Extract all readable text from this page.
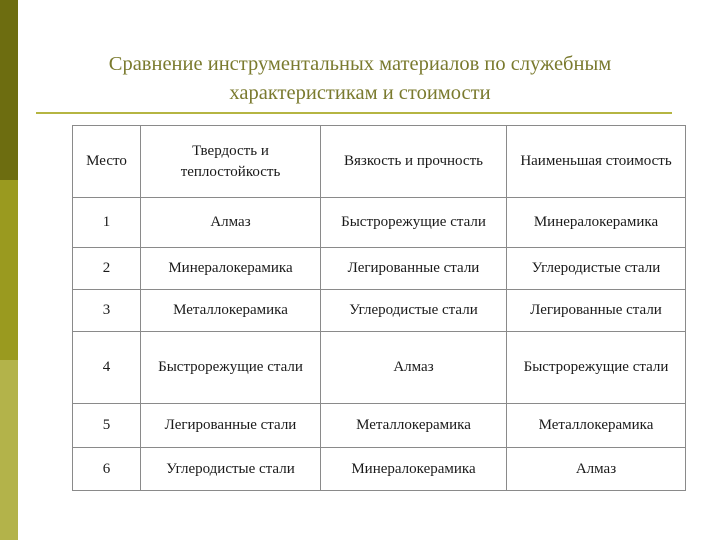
Сравнение инструментальных материалов по служебным
характеристикам и стоимости
Место	Твердость и теплостойкость	Вязкость и прочность	Наименьшая стоимость
1	Алмаз	Быстрорежущие стали	Минералокерамика
2	Минералокерамика	Легированные стали	Углеродистые стали
3	Металлокерамика	Углеродистые стали	Легированные стали
4	Быстрорежущие стали	Алмаз	Быстрорежущие стали
5	Легированные стали	Металлокерамика	Металлокерамика
6	Углеродистые стали	Минералокерамика	Алмаз
